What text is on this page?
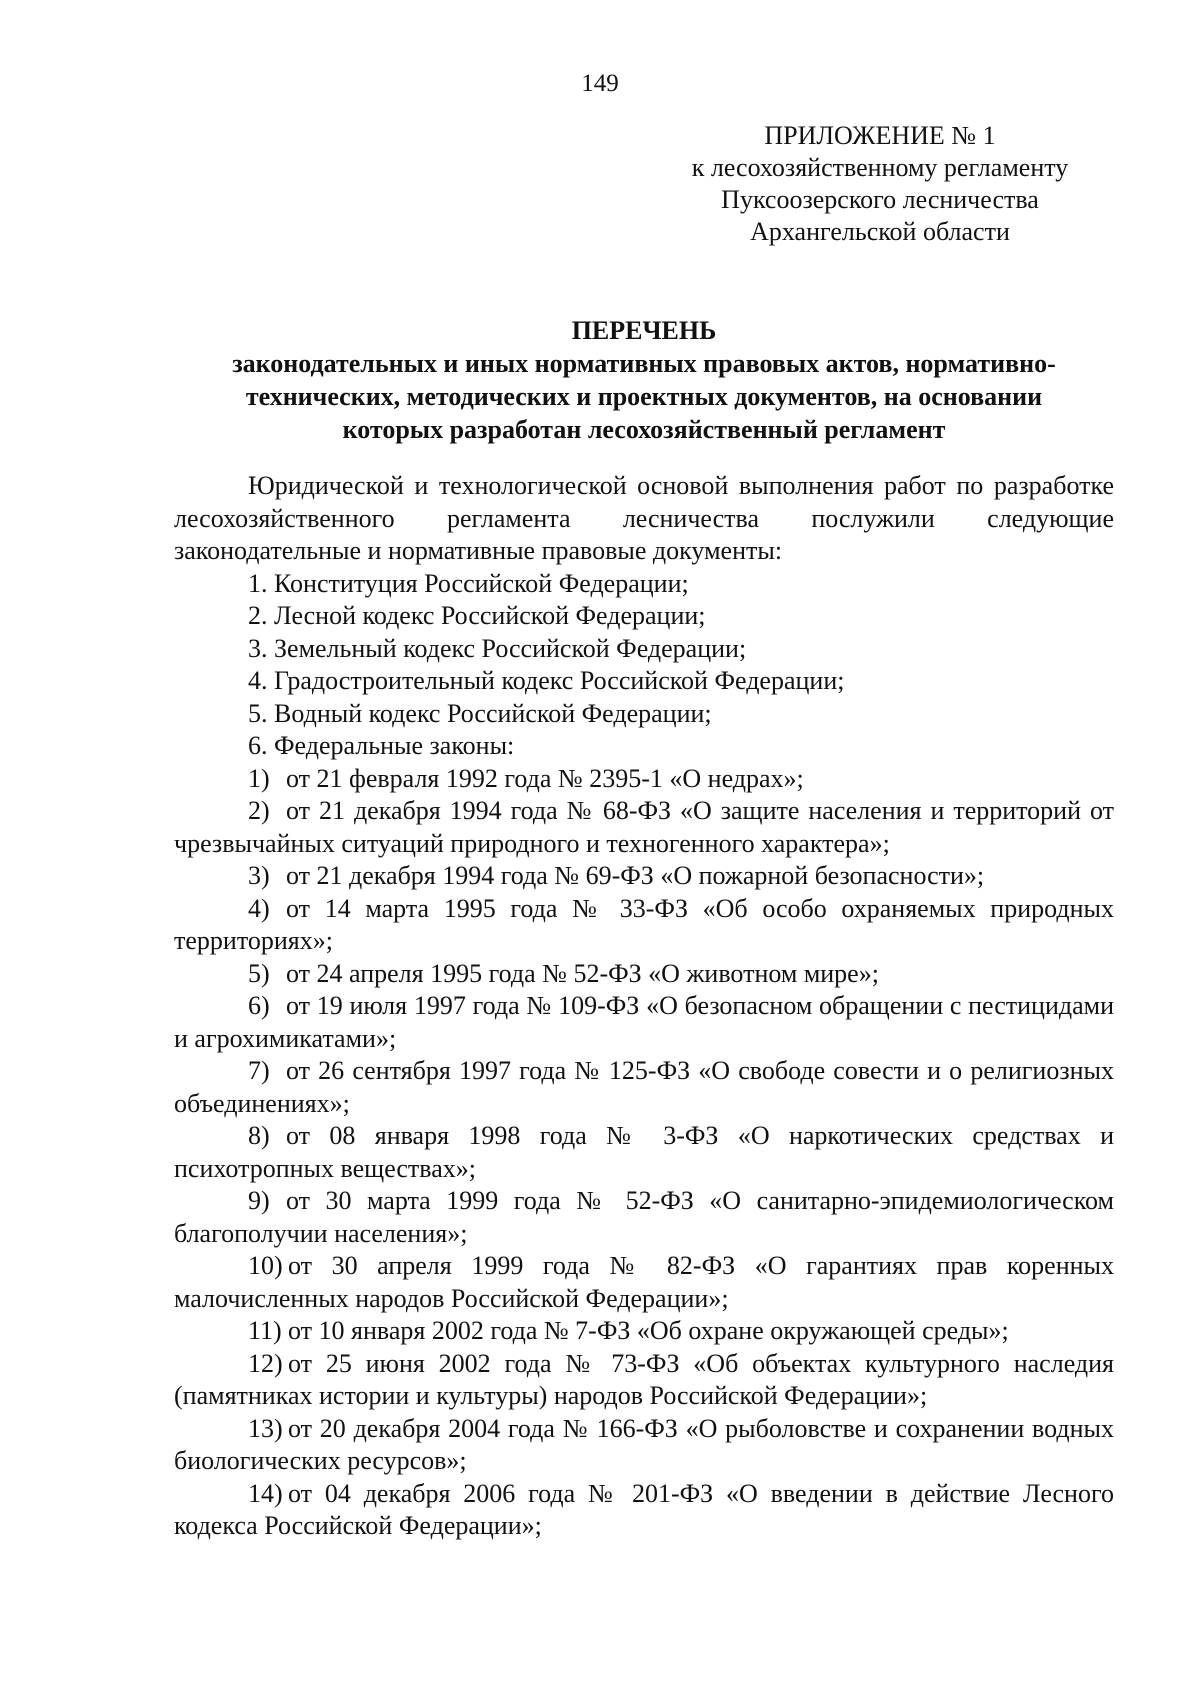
149
ПРИЛОЖЕНИЕ № 1
к лесохозяйственному регламенту
Пуксоозерского лесничества
Архангельской области
ПЕРЕЧЕНЬ
законодательных и иных нормативных правовых актов, нормативно-
технических, методических и проектных документов, на основании
которых разработан лесохозяйственный регламент

Юридической и технологической основой выполнения работ по разработке лесохозяйственного регламента лесничества послужили следующие законодательные и нормативные правовые документы:

1. Конституция Российской Федерации;

2. Лесной кодекс Российской Федерации;

3. Земельный кодекс Российской Федерации;

4. Градостроительный кодекс Российской Федерации;

5. Водный кодекс Российской Федерации;

6. Федеральные законы:

1) от 21 февраля 1992 года № 2395-1 «О недрах»;

2) от 21 декабря 1994 года № 68-ФЗ «О защите населения и территорий от чрезвычайных ситуаций природного и техногенного характера»;

3) от 21 декабря 1994 года № 69-ФЗ «О пожарной безопасности»;

4) от 14 марта 1995 года № 33-ФЗ «Об особо охраняемых природных территориях»;

5) от 24 апреля 1995 года № 52-ФЗ «О животном мире»;

6) от 19 июля 1997 года № 109-ФЗ «О безопасном обращении с пестицидами и агрохимикатами»;

7) от 26 сентября 1997 года № 125-ФЗ «О свободе совести и о религиозных объединениях»;

8) от 08 января 1998 года № 3-ФЗ «О наркотических средствах и психотропных веществах»;

9) от 30 марта 1999 года № 52-ФЗ «О санитарно-эпидемиологическом благополучии населения»;

10) от 30 апреля 1999 года № 82-ФЗ «О гарантиях прав коренных малочисленных народов Российской Федерации»;

11) от 10 января 2002 года № 7-ФЗ «Об охране окружающей среды»;

12) от 25 июня 2002 года № 73-ФЗ «Об объектах культурного наследия (памятниках истории и культуры) народов Российской Федерации»;

13) от 20 декабря 2004 года № 166-ФЗ «О рыболовстве и сохранении водных биологических ресурсов»;

14) от 04 декабря 2006 года № 201-ФЗ «О введении в действие Лесного кодекса Российской Федерации»;
